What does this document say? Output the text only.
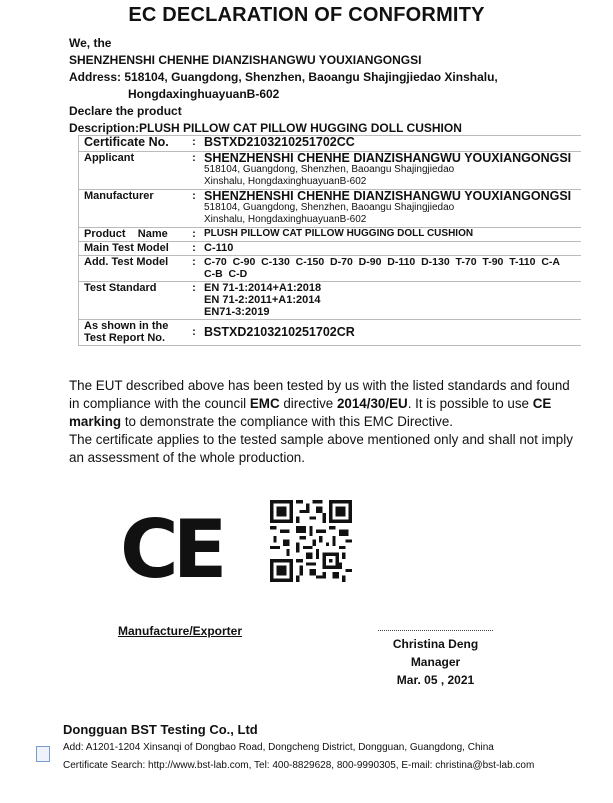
EC DECLARATION OF CONFORMITY
We, the
SHENZHENSHI CHENHE DIANZISHANGWU YOUXIANGONGSI
Address: 518104, Guangdong, Shenzhen, Baoangu Shajingjiedao Xinshalu,
HongdaxinghuayuanB-602
Declare the product
Description:PLUSH PILLOW CAT PILLOW HUGGING DOLL CUSHION
Certificate No.	:	BSTXD2103210251702CC
Applicant	:	SHENZHENSHI CHENHE DIANZISHANGWU YOUXIANGONGSI
518104, Guangdong, Shenzhen, Baoangu Shajingjiedao
Xinshalu, HongdaxinghuayuanB-602

Manufacturer	:	SHENZHENSHI CHENHE DIANZISHANGWU YOUXIANGONGSI
518104, Guangdong, Shenzhen, Baoangu Shajingjiedao
Xinshalu, HongdaxinghuayuanB-602

Product    Name	:	PLUSH PILLOW CAT PILLOW HUGGING DOLL CUSHION
Main Test Model	:	C-110
Add. Test Model	:	C-70  C-90  C-130  C-150  D-70  D-90  D-110  D-130  T-70  T-90  T-110  C-A
C-B  C-D

Test Standard	:	EN 71-1:2014+A1:2018
EN 71-2:2011+A1:2014
EN71-3:2019

As shown in the
Test Report No.	:	BSTXD2103210251702CR
The EUT described above has been tested by us with the listed standards and found in compliance with the council EMC directive 2014/30/EU. It is possible to use CE marking to demonstrate the compliance with this EMC Directive.
The certificate applies to the tested sample above mentioned only and shall not imply an assessment of the whole production.
CE
Manufacture/Exporter
Christina Deng
Manager
Mar. 05 , 2021
Dongguan BST Testing Co., Ltd
Add: A1201-1204 Xinsanqi of Dongbao Road, Dongcheng District, Dongguan, Guangdong, China
Certificate Search: http://www.bst-lab.com, Tel: 400-8829628, 800-9990305, E-mail: christina@bst-lab.com
